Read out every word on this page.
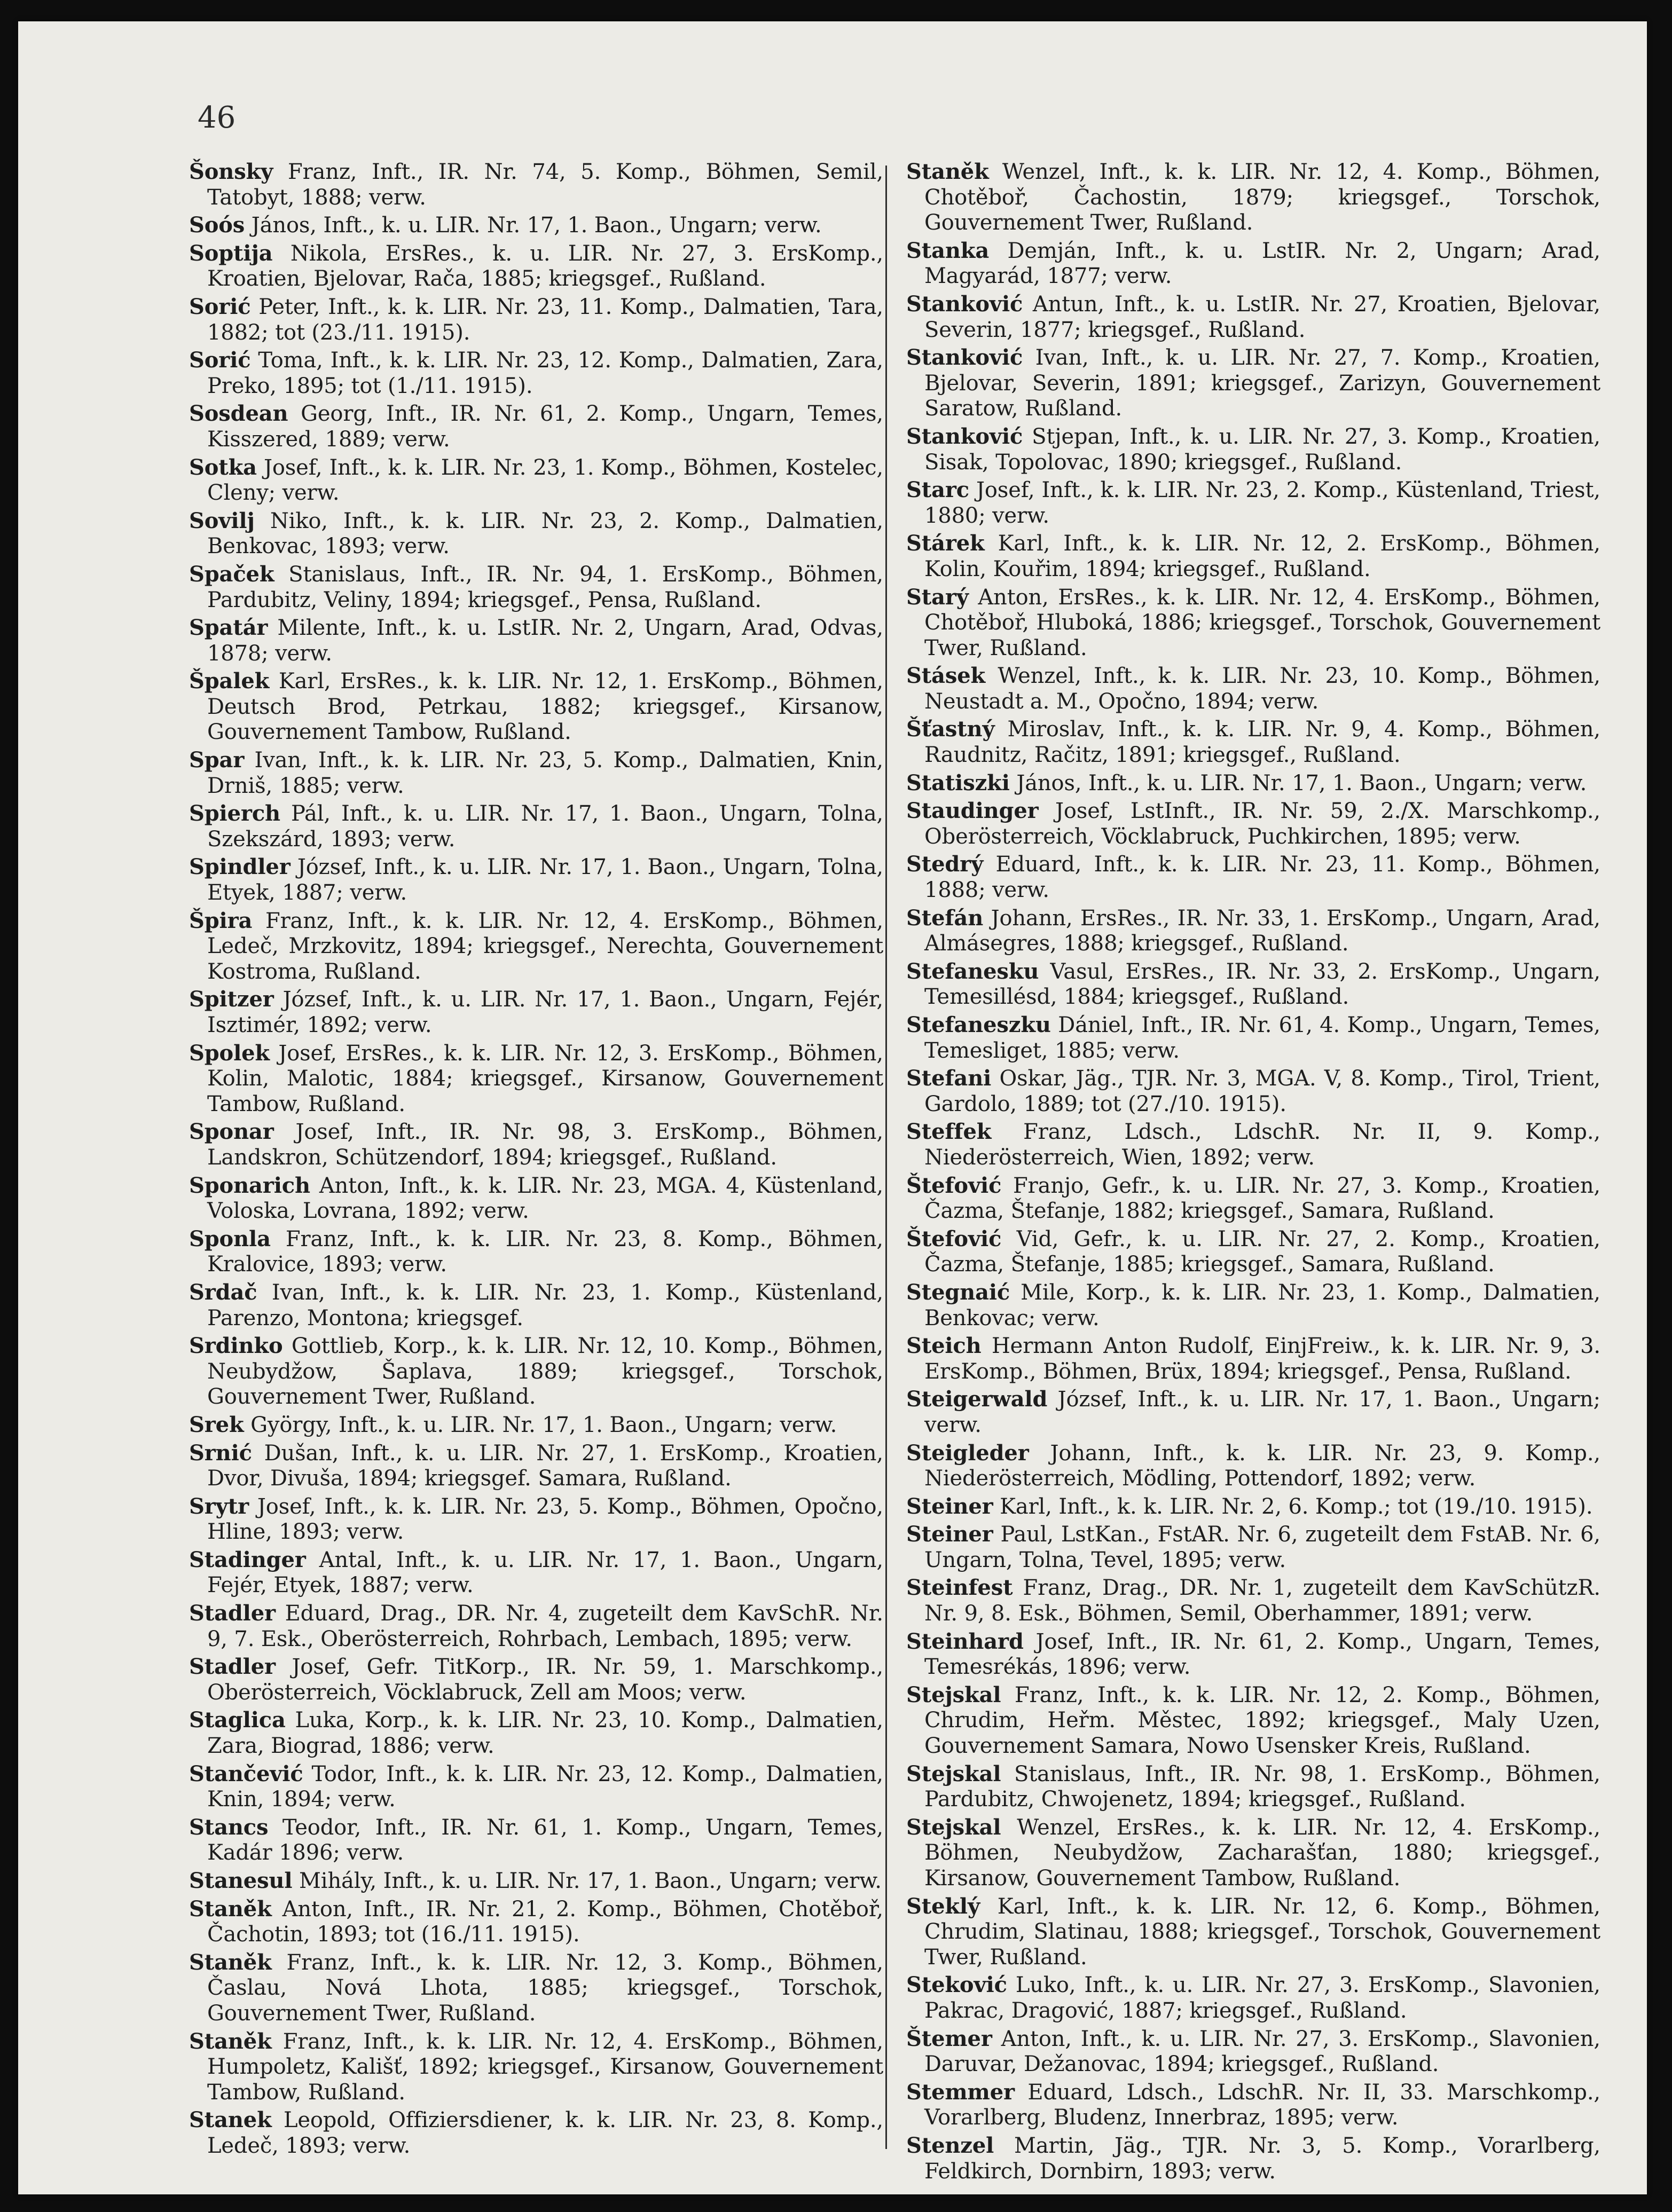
46

Šonsky Franz, Inft., IR. Nr. 74, 5. Komp., Böhmen, Semil, Tatobyt, 1888; verw.

Soós János, Inft., k. u. LIR. Nr. 17, 1. Baon., Ungarn; verw.

Soptija Nikola, ErsRes., k. u. LIR. Nr. 27, 3. ErsKomp., Kroatien, Bjelovar, Rača, 1885; kriegsgef., Rußland.

Sorić Peter, Inft., k. k. LIR. Nr. 23, 11. Komp., Dalmatien, Tara, 1882; tot (23./11. 1915).

Sorić Toma, Inft., k. k. LIR. Nr. 23, 12. Komp., Dalmatien, Zara, Preko, 1895; tot (1./11. 1915).

Sosdean Georg, Inft., IR. Nr. 61, 2. Komp., Ungarn, Temes, Kisszered, 1889; verw.

Sotka Josef, Inft., k. k. LIR. Nr. 23, 1. Komp., Böhmen, Kostelec, Cleny; verw.

Sovilj Niko, Inft., k. k. LIR. Nr. 23, 2. Komp., Dalmatien, Benkovac, 1893; verw.

Spaček Stanislaus, Inft., IR. Nr. 94, 1. ErsKomp., Böhmen, Pardubitz, Veliny, 1894; kriegsgef., Pensa, Rußland.

Spatár Milente, Inft., k. u. LstIR. Nr. 2, Ungarn, Arad, Odvas, 1878; verw.

Špalek Karl, ErsRes., k. k. LIR. Nr. 12, 1. ErsKomp., Böhmen, Deutsch Brod, Petrkau, 1882; kriegsgef., Kirsanow, Gouvernement Tambow, Rußland.

Spar Ivan, Inft., k. k. LIR. Nr. 23, 5. Komp., Dalmatien, Knin, Drniš, 1885; verw.

Spierch Pál, Inft., k. u. LIR. Nr. 17, 1. Baon., Ungarn, Tolna, Szekszárd, 1893; verw.

Spindler József, Inft., k. u. LIR. Nr. 17, 1. Baon., Ungarn, Tolna, Etyek, 1887; verw.

Špira Franz, Inft., k. k. LIR. Nr. 12, 4. ErsKomp., Böhmen, Ledeč, Mrzkovitz, 1894; kriegsgef., Nerechta, Gouvernement Kostroma, Rußland.

Spitzer József, Inft., k. u. LIR. Nr. 17, 1. Baon., Ungarn, Fejér, Isztimér, 1892; verw.

Spolek Josef, ErsRes., k. k. LIR. Nr. 12, 3. ErsKomp., Böhmen, Kolin, Malotic, 1884; kriegsgef., Kirsanow, Gouvernement Tambow, Rußland.

Sponar Josef, Inft., IR. Nr. 98, 3. ErsKomp., Böhmen, Landskron, Schützendorf, 1894; kriegsgef., Rußland.

Sponarich Anton, Inft., k. k. LIR. Nr. 23, MGA. 4, Küstenland, Voloska, Lovrana, 1892; verw.

Sponla Franz, Inft., k. k. LIR. Nr. 23, 8. Komp., Böhmen, Kralovice, 1893; verw.

Srdač Ivan, Inft., k. k. LIR. Nr. 23, 1. Komp., Küstenland, Parenzo, Montona; kriegsgef.

Srdinko Gottlieb, Korp., k. k. LIR. Nr. 12, 10. Komp., Böhmen, Neubydžow, Šaplava, 1889; kriegsgef., Torschok, Gouvernement Twer, Rußland.

Srek György, Inft., k. u. LIR. Nr. 17, 1. Baon., Ungarn; verw.

Srnić Dušan, Inft., k. u. LIR. Nr. 27, 1. ErsKomp., Kroatien, Dvor, Divuša, 1894; kriegsgef. Samara, Rußland.

Srytr Josef, Inft., k. k. LIR. Nr. 23, 5. Komp., Böhmen, Opočno, Hline, 1893; verw.

Stadinger Antal, Inft., k. u. LIR. Nr. 17, 1. Baon., Ungarn, Fejér, Etyek, 1887; verw.

Stadler Eduard, Drag., DR. Nr. 4, zugeteilt dem KavSchR. Nr. 9, 7. Esk., Oberösterreich, Rohrbach, Lembach, 1895; verw.

Stadler Josef, Gefr. TitKorp., IR. Nr. 59, 1. Marschkomp., Oberösterreich, Vöcklabruck, Zell am Moos; verw.

Staglica Luka, Korp., k. k. LIR. Nr. 23, 10. Komp., Dalmatien, Zara, Biograd, 1886; verw.

Stančević Todor, Inft., k. k. LIR. Nr. 23, 12. Komp., Dalmatien, Knin, 1894; verw.

Stancs Teodor, Inft., IR. Nr. 61, 1. Komp., Ungarn, Temes, Kadár 1896; verw.

Stanesul Mihály, Inft., k. u. LIR. Nr. 17, 1. Baon., Ungarn; verw.

Staněk Anton, Inft., IR. Nr. 21, 2. Komp., Böhmen, Chotěboř, Čachotin, 1893; tot (16./11. 1915).

Staněk Franz, Inft., k. k. LIR. Nr. 12, 3. Komp., Böhmen, Časlau, Nová Lhota, 1885; kriegsgef., Torschok, Gouvernement Twer, Rußland.

Staněk Franz, Inft., k. k. LIR. Nr. 12, 4. ErsKomp., Böhmen, Humpoletz, Kališť, 1892; kriegsgef., Kirsanow, Gouvernement Tambow, Rußland.

Stanek Leopold, Offiziersdiener, k. k. LIR. Nr. 23, 8. Komp., Ledeč, 1893; verw.

Staněk Wenzel, Inft., k. k. LIR. Nr. 12, 4. Komp., Böhmen, Chotěboř, Čachostin, 1879; kriegsgef., Torschok, Gouvernement Twer, Rußland.

Stanka Demján, Inft., k. u. LstIR. Nr. 2, Ungarn; Arad, Magyarád, 1877; verw.

Stanković Antun, Inft., k. u. LstIR. Nr. 27, Kroatien, Bjelovar, Severin, 1877; kriegsgef., Rußland.

Stanković Ivan, Inft., k. u. LIR. Nr. 27, 7. Komp., Kroatien, Bjelovar, Severin, 1891; kriegsgef., Zarizyn, Gouvernement Saratow, Rußland.

Stanković Stjepan, Inft., k. u. LIR. Nr. 27, 3. Komp., Kroatien, Sisak, Topolovac, 1890; kriegsgef., Rußland.

Starc Josef, Inft., k. k. LIR. Nr. 23, 2. Komp., Küstenland, Triest, 1880; verw.

Stárek Karl, Inft., k. k. LIR. Nr. 12, 2. ErsKomp., Böhmen, Kolin, Kouřim, 1894; kriegsgef., Rußland.

Starý Anton, ErsRes., k. k. LIR. Nr. 12, 4. ErsKomp., Böhmen, Chotěboř, Hluboká, 1886; kriegsgef., Torschok, Gouvernement Twer, Rußland.

Stásek Wenzel, Inft., k. k. LIR. Nr. 23, 10. Komp., Böhmen, Neustadt a. M., Opočno, 1894; verw.

Šťastný Miroslav, Inft., k. k. LIR. Nr. 9, 4. Komp., Böhmen, Raudnitz, Račitz, 1891; kriegsgef., Rußland.

Statiszki János, Inft., k. u. LIR. Nr. 17, 1. Baon., Ungarn; verw.

Staudinger Josef, LstInft., IR. Nr. 59, 2./X. Marschkomp., Oberösterreich, Vöcklabruck, Puchkirchen, 1895; verw.

Stedrý Eduard, Inft., k. k. LIR. Nr. 23, 11. Komp., Böhmen, 1888; verw.

Stefán Johann, ErsRes., IR. Nr. 33, 1. ErsKomp., Ungarn, Arad, Almásegres, 1888; kriegsgef., Rußland.

Stefanesku Vasul, ErsRes., IR. Nr. 33, 2. ErsKomp., Ungarn, Temesillésd, 1884; kriegsgef., Rußland.

Stefaneszku Dániel, Inft., IR. Nr. 61, 4. Komp., Ungarn, Temes, Temesliget, 1885; verw.

Stefani Oskar, Jäg., TJR. Nr. 3, MGA. V, 8. Komp., Tirol, Trient, Gardolo, 1889; tot (27./10. 1915).

Steffek Franz, Ldsch., LdschR. Nr. II, 9. Komp., Niederösterreich, Wien, 1892; verw.

Štefović Franjo, Gefr., k. u. LIR. Nr. 27, 3. Komp., Kroatien, Čazma, Štefanje, 1882; kriegsgef., Samara, Rußland.

Štefović Vid, Gefr., k. u. LIR. Nr. 27, 2. Komp., Kroatien, Čazma, Štefanje, 1885; kriegsgef., Samara, Rußland.

Stegnaić Mile, Korp., k. k. LIR. Nr. 23, 1. Komp., Dalmatien, Benkovac; verw.

Steich Hermann Anton Rudolf, EinjFreiw., k. k. LIR. Nr. 9, 3. ErsKomp., Böhmen, Brüx, 1894; kriegsgef., Pensa, Rußland.

Steigerwald József, Inft., k. u. LIR. Nr. 17, 1. Baon., Ungarn; verw.

Steigleder Johann, Inft., k. k. LIR. Nr. 23, 9. Komp., Niederösterreich, Mödling, Pottendorf, 1892; verw.

Steiner Karl, Inft., k. k. LIR. Nr. 2, 6. Komp.; tot (19./10. 1915).

Steiner Paul, LstKan., FstAR. Nr. 6, zugeteilt dem FstAB. Nr. 6, Ungarn, Tolna, Tevel, 1895; verw.

Steinfest Franz, Drag., DR. Nr. 1, zugeteilt dem KavSchützR. Nr. 9, 8. Esk., Böhmen, Semil, Oberhammer, 1891; verw.

Steinhard Josef, Inft., IR. Nr. 61, 2. Komp., Ungarn, Temes, Temesrékás, 1896; verw.

Stejskal Franz, Inft., k. k. LIR. Nr. 12, 2. Komp., Böhmen, Chrudim, Heřm. Městec, 1892; kriegsgef., Maly Uzen, Gouvernement Samara, Nowo Usensker Kreis, Rußland.

Stejskal Stanislaus, Inft., IR. Nr. 98, 1. ErsKomp., Böhmen, Pardubitz, Chwojenetz, 1894; kriegsgef., Rußland.

Stejskal Wenzel, ErsRes., k. k. LIR. Nr. 12, 4. ErsKomp., Böhmen, Neubydžow, Zacharašťan, 1880; kriegsgef., Kirsanow, Gouvernement Tambow, Rußland.

Steklý Karl, Inft., k. k. LIR. Nr. 12, 6. Komp., Böhmen, Chrudim, Slatinau, 1888; kriegsgef., Torschok, Gouvernement Twer, Rußland.

Steković Luko, Inft., k. u. LIR. Nr. 27, 3. ErsKomp., Slavonien, Pakrac, Dragović, 1887; kriegsgef., Rußland.

Štemer Anton, Inft., k. u. LIR. Nr. 27, 3. ErsKomp., Slavonien, Daruvar, Dežanovac, 1894; kriegsgef., Rußland.

Stemmer Eduard, Ldsch., LdschR. Nr. II, 33. Marschkomp., Vorarlberg, Bludenz, Innerbraz, 1895; verw.

Stenzel Martin, Jäg., TJR. Nr. 3, 5. Komp., Vorarlberg, Feldkirch, Dornbirn, 1893; verw.
